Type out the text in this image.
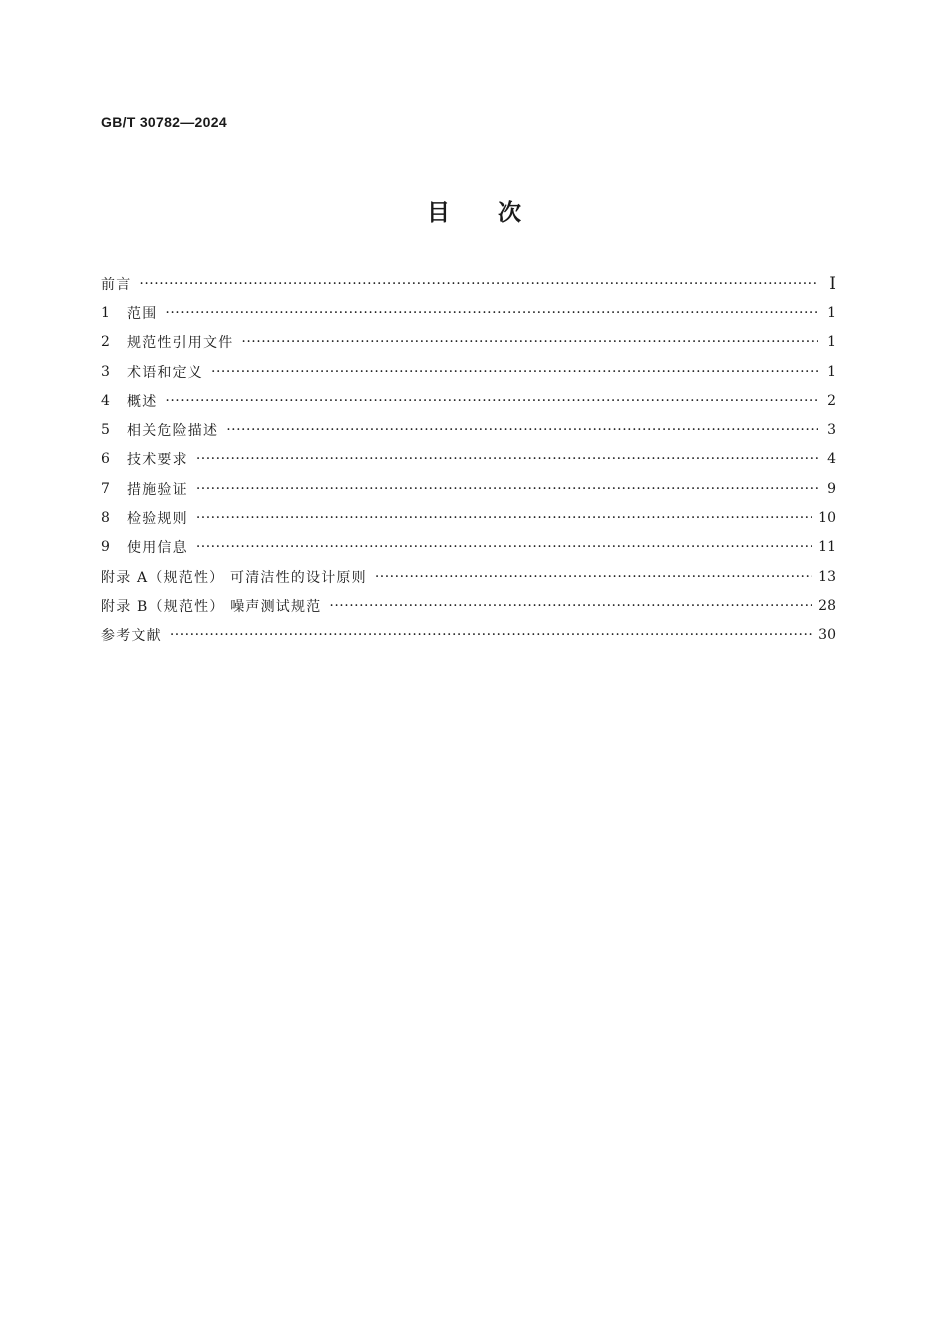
GB/T 30782—2024
目 次
前言 ·····	I
1	范围 ·····	1
2	规范性引用文件 ·····	1
3	术语和定义 ·····	1
4	概述 ·····	2
5	相关危险描述 ·····	3
6	技术要求 ·····	4
7	措施验证 ·····	9
8	检验规则 ·····	10
9	使用信息 ·····	11
附录 A（规范性） 可清洁性的设计原则 ·····	13
附录 B（规范性） 噪声测试规范 ·····	28
参考文献 ·····	30
